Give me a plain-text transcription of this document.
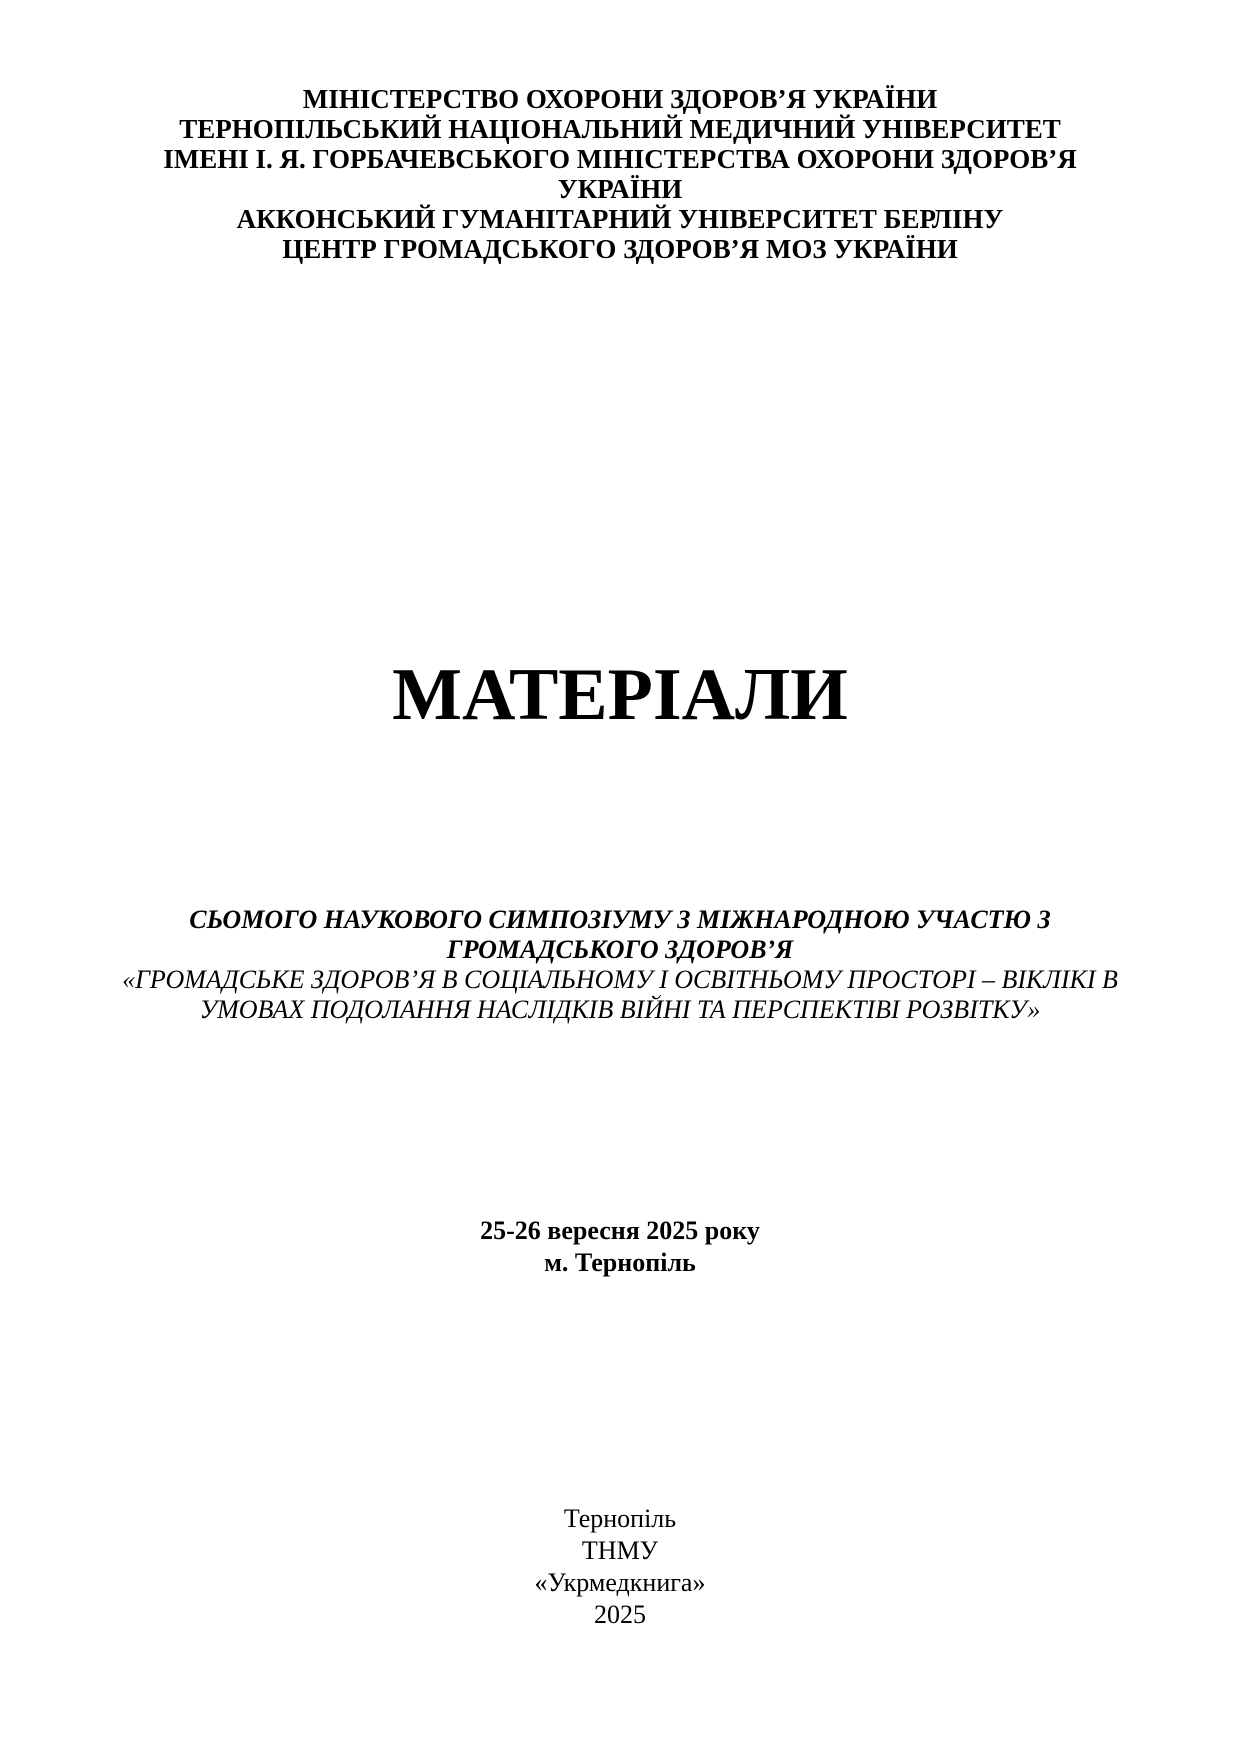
МІНІСТЕРСТВО ОХОРОНИ ЗДОРОВ’Я УКРАЇНИ
ТЕРНОПІЛЬСЬКИЙ НАЦІОНАЛЬНИЙ МЕДИЧНИЙ УНІВЕРСИТЕТ
ІМЕНІ І. Я. ГОРБАЧЕВСЬКОГО МІНІСТЕРСТВА ОХОРОНИ ЗДОРОВ’Я
УКРАЇНИ
АККОНСЬКИЙ ГУМАНІТАРНИЙ УНІВЕРСИТЕТ БЕРЛІНУ
ЦЕНТР ГРОМАДСЬКОГО ЗДОРОВ’Я МОЗ УКРАЇНИ
МАТЕРІАЛИ
СЬОМОГО НАУКОВОГО СИМПОЗІУМУ З МІЖНАРОДНОЮ УЧАСТЮ З ГРОМАДСЬКОГО ЗДОРОВ’Я
«ГРОМАДСЬКЕ ЗДОРОВ’Я В СОЦІАЛЬНОМУ І ОСВІТНЬОМУ ПРОСТОРІ – ВІКЛІКІ В УМОВАХ ПОДОЛАННЯ НАСЛІДКІВ ВІЙНІ ТА ПЕРСПЕКТІВІ РОЗВІТКУ»
25-26 вересня 2025 року
м. Тернопіль
Тернопіль
ТНМУ
«Укрмедкнига»
2025
